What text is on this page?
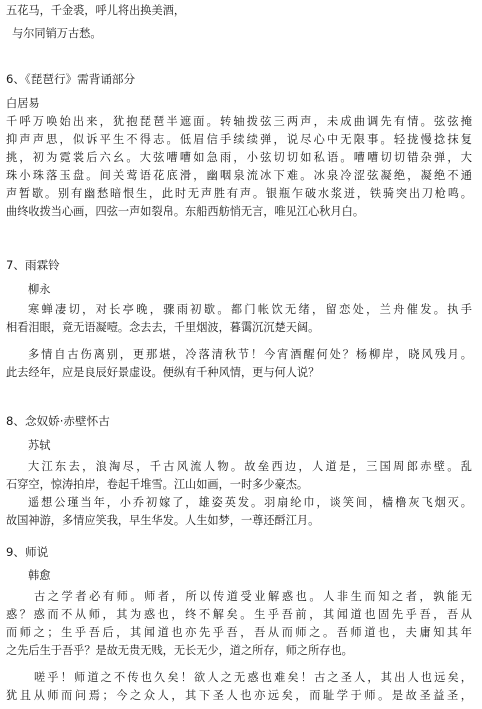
五花马，千金裘，呼儿将出换美酒，
与尔同销万古愁。
6、《琵琶行》需背诵部分
白居易
千呼万唤始出来，犹抱琵琶半遮面。转轴拨弦三两声，未成曲调先有情。弦弦掩
抑声声思，似诉平生不得志。低眉信手续续弹，说尽心中无限事。轻拢慢捻抹复
挑，初为霓裳后六幺。大弦嘈嘈如急雨，小弦切切如私语。嘈嘈切切错杂弹，大
珠小珠落玉盘。间关莺语花底滑，幽咽泉流冰下难。冰泉冷涩弦凝绝，凝绝不通
声暂歇。别有幽愁暗恨生，此时无声胜有声。银瓶乍破水浆迸，铁骑突出刀枪鸣。
曲终收拨当心画，四弦一声如裂帛。东船西舫悄无言，唯见江心秋月白。
7、雨霖铃
柳永
寒蝉凄切，对长亭晚，骤雨初歇。都门帐饮无绪，留恋处，兰舟催发。执手
相看泪眼，竟无语凝噎。念去去，千里烟波，暮霭沉沉楚天阔。
多情自古伤离别，更那堪，冷落清秋节！今宵酒醒何处？杨柳岸，晓风残月。
此去经年，应是良辰好景虚设。便纵有千种风情，更与何人说？
8、念奴娇·赤壁怀古
苏轼
大江东去，浪淘尽，千古风流人物。故垒西边，人道是，三国周郎赤壁。乱
石穿空，惊涛拍岸，卷起千堆雪。江山如画，一时多少豪杰。
遥想公瑾当年，小乔初嫁了，雄姿英发。羽扇纶巾，谈笑间，樯橹灰飞烟灭。
故国神游，多情应笑我，早生华发。人生如梦，一尊还酹江月。
9、师说
韩愈
古之学者必有师。师者，所以传道受业解惑也。人非生而知之者，孰能无
惑？惑而不从师，其为惑也，终不解矣。生乎吾前，其闻道也固先乎吾，吾从
而师之；生乎吾后，其闻道也亦先乎吾，吾从而师之。吾师道也，夫庸知其年
之先后生于吾乎？是故无贵无贱，无长无少，道之所存，师之所存也。
嗟乎！师道之不传也久矣！欲人之无惑也难矣！古之圣人，其出人也远矣，
犹且从师而问焉；今之众人，其下圣人也亦远矣，而耻学于师。是故圣益圣，
